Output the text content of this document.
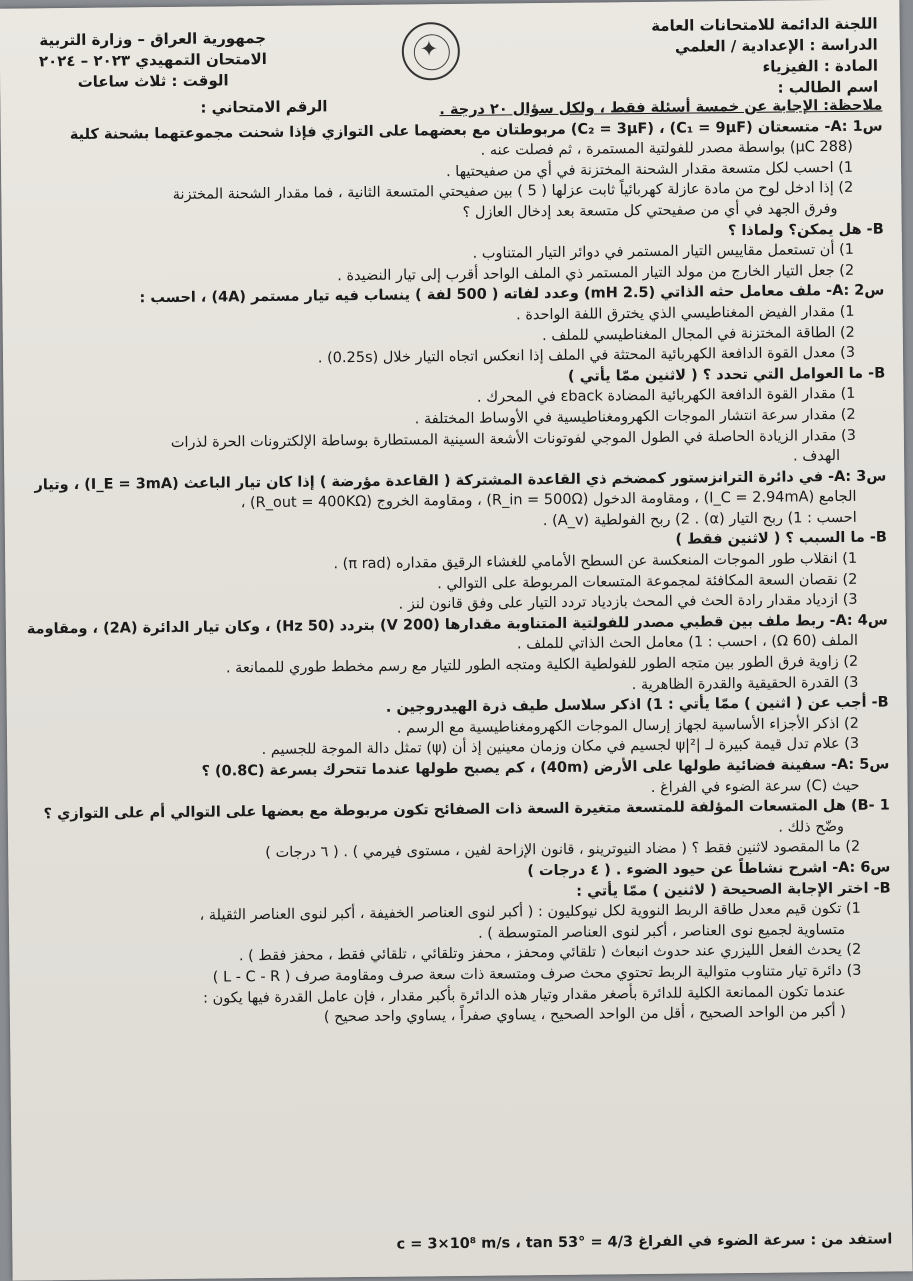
اللجنة الدائمة للامتحانات العامة
الدراسة : الإعدادية / العلمي
المادة : الفيزياء
اسم الطالب :
✦
جمهورية العراق – وزارة التربية
الامتحان التمهيدي ٢٠٢٣ – ٢٠٢٤
الوقت : ثلاث ساعات
الرقم الامتحاني :	ملاحظة: الإجابة عن خمسة أسئلة فقط ، ولكل سؤال ٢٠ درجة .
س1 :A- متسعتان (C₁ = 9μF) ، (C₂ = 3μF) مربوطتان مع بعضهما على التوازي فإذا شحنت مجموعتهما بشحنة كلية
(288 μC) بواسطة مصدر للفولتية المستمرة ، ثم فصلت عنه .
1) احسب لكل متسعة مقدار الشحنة المختزنة في أي من صفيحتيها .
2) إذا ادخل لوح من مادة عازلة كهربائياً ثابت عزلها ( 5 ) بين صفيحتي المتسعة الثانية ، فما مقدار الشحنة المختزنة
وفرق الجهد في أي من صفيحتي كل متسعة بعد إدخال العازل ؟
B- هل يمكن؟ ولماذا ؟
1) أن تستعمل مقاييس التيار المستمر في دوائر التيار المتناوب .
2) جعل التيار الخارج من مولد التيار المستمر ذي الملف الواحد أقرب إلى تيار النضيدة .
س2 :A- ملف معامل حثه الذاتي (2.5 mH) وعدد لفاته ( 500 لفة ) ينساب فيه تيار مستمر (4A) ، احسب :
1) مقدار الفيض المغناطيسي الذي يخترق اللفة الواحدة .
2) الطاقة المختزنة في المجال المغناطيسي للملف .
3) معدل القوة الدافعة الكهربائية المحتثة في الملف إذا انعكس اتجاه التيار خلال (0.25s) .
B- ما العوامل التي تحدد ؟ ( لاثنين ممّا يأتي )
1) مقدار القوة الدافعة الكهربائية المضادة εback في المحرك .
2) مقدار سرعة انتشار الموجات الكهرومغناطيسية في الأوساط المختلفة .
3) مقدار الزيادة الحاصلة في الطول الموجي لفوتونات الأشعة السينية المستطارة بوساطة الإلكترونات الحرة لذرات
الهدف .
س3 :A- في دائرة الترانزستور كمضخم ذي القاعدة المشتركة ( القاعدة مؤرضة ) إذا كان تيار الباعث (I_E = 3mA) ، وتيار
الجامع (I_C = 2.94mA) ، ومقاومة الدخول (R_in = 500Ω) ، ومقاومة الخروج (R_out = 400KΩ) ،
احسب : 1) ربح التيار (α) . 2) ربح الفولطية (A_v) .
B- ما السبب ؟ ( لاثنين فقط )
1) انقلاب طور الموجات المنعكسة عن السطح الأمامي للغشاء الرقيق مقداره (π rad) .
2) نقصان السعة المكافئة لمجموعة المتسعات المربوطة على التوالي .
3) ازدياد مقدار رادة الحث في المحث بازدياد تردد التيار على وفق قانون لنز .
س4 :A- ربط ملف بين قطبي مصدر للفولتية المتناوبة مقدارها (200 V) بتردد (50 Hz) ، وكان تيار الدائرة (2A) ، ومقاومة
الملف (60 Ω) ، احسب : 1) معامل الحث الذاتي للملف .
2) زاوية فرق الطور بين متجه الطور للفولطية الكلية ومتجه الطور للتيار مع رسم مخطط طوري للممانعة .
3) القدرة الحقيقية والقدرة الظاهرية .
B- أجب عن ( اثنين ) ممّا يأتي : 1) اذكر سلاسل طيف ذرة الهيدروجين .
2) اذكر الأجزاء الأساسية لجهاز إرسال الموجات الكهرومغناطيسية مع الرسم .
3) علام تدل قيمة كبيرة لـ |ψ|² لجسيم في مكان وزمان معينين إذ أن (ψ) تمثل دالة الموجة للجسيم .
س5 :A- سفينة فضائية طولها على الأرض (40m) ، كم يصبح طولها عندما تتحرك بسرعة (0.8C) ؟
حيث (C) سرعة الضوء في الفراغ .
B- 1) هل المتسعات المؤلفة للمتسعة متغيرة السعة ذات الصفائح تكون مربوطة مع بعضها على التوالي أم على التوازي ؟
وضّح ذلك .
2) ما المقصود لاثنين فقط ؟ ( مضاد النيوترينو ، قانون الإزاحة لفين ، مستوى فيرمي ) . ( ٦ درجات )
س6 :A- اشرح نشاطاً عن حيود الضوء . ( ٤ درجات )
B- اختر الإجابة الصحيحة ( لاثنين ) ممّا يأتي :
1) تكون قيم معدل طاقة الربط النووية لكل نيوكليون : ( أكبر لنوى العناصر الخفيفة ، أكبر لنوى العناصر الثقيلة ،
متساوية لجميع نوى العناصر ، أكبر لنوى العناصر المتوسطة ) .
2) يحدث الفعل الليزري عند حدوث انبعاث ( تلقائي ومحفز ، محفز وتلقائي ، تلقائي فقط ، محفز فقط ) .
3) دائرة تيار متناوب متوالية الربط تحتوي محث صرف ومتسعة ذات سعة صرف ومقاومة صرف ( L - C - R )
عندما تكون الممانعة الكلية للدائرة بأصغر مقدار وتيار هذه الدائرة بأكبر مقدار ، فإن عامل القدرة فيها يكون :
( أكبر من الواحد الصحيح ، أقل من الواحد الصحيح ، يساوي صفراً ، يساوي واحد صحيح )
استفد من : سرعة الضوء في الفراغ c = 3×10⁸ m/s ، tan 53° = 4/3
